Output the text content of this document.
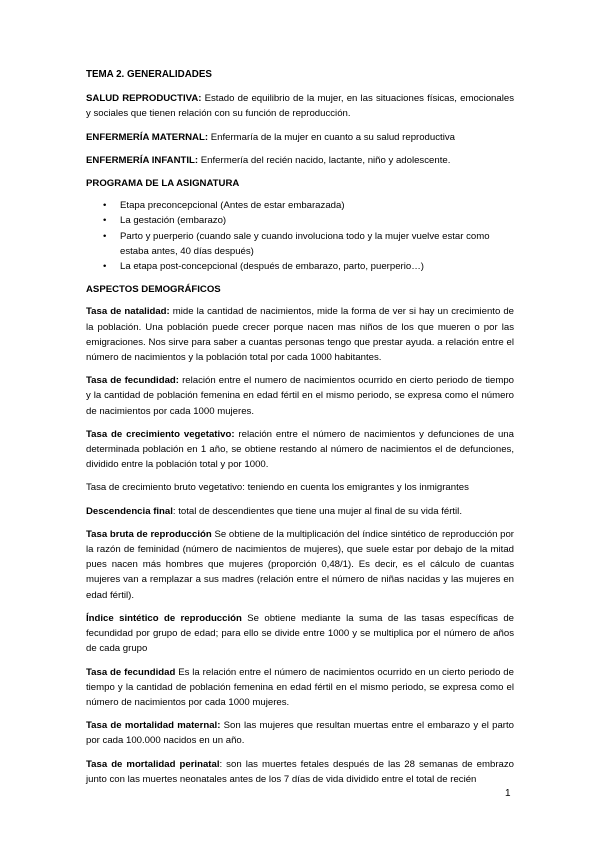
TEMA 2. GENERALIDADES

SALUD REPRODUCTIVA: Estado de equilibrio de la mujer, en las situaciones físicas, emocionales y sociales que tienen relación con su función de reproducción.

ENFERMERÍA MATERNAL: Enfermaría de la mujer en cuanto a su salud reproductiva

ENFERMERÍA INFANTIL: Enfermería del recién nacido, lactante, niño y adolescente.

PROGRAMA DE LA ASIGNATURA
• Etapa preconcepcional (Antes de estar embarazada)
• La gestación (embarazo)
• Parto y puerperio (cuando sale y cuando involuciona todo y la mujer vuelve estar como estaba antes, 40 días después)
• La etapa post-concepcional (después de embarazo, parto, puerperio…)
ASPECTOS DEMOGRÁFICOS

Tasa de natalidad: mide la cantidad de nacimientos, mide la forma de ver si hay un crecimiento de la población. Una población puede crecer porque nacen mas niños de los que mueren o por las emigraciones. Nos sirve para saber a cuantas personas tengo que prestar ayuda. a relación entre el número de nacimientos y la población total por cada 1000 habitantes.

Tasa de fecundidad: relación entre el numero de nacimientos ocurrido en cierto periodo de tiempo y la cantidad de población femenina en edad fértil en el mismo periodo, se expresa como el número de nacimientos por cada 1000 mujeres.

Tasa de crecimiento vegetativo: relación entre el número de nacimientos y defunciones de una determinada población en 1 año, se obtiene restando al número de nacimientos el de defunciones, dividido entre la población total y por 1000.

Tasa de crecimiento bruto vegetativo: teniendo en cuenta los emigrantes y los inmigrantes

Descendencia final: total de descendientes que tiene una mujer al final de su vida fértil.

Tasa bruta de reproducción Se obtiene de la multiplicación del índice sintético de reproducción por la razón de feminidad (número de nacimientos de mujeres), que suele estar por debajo de la mitad pues nacen más hombres que mujeres (proporción 0,48/1). Es decir, es el cálculo de cuantas mujeres van a remplazar a sus madres (relación entre el número de niñas nacidas y las mujeres en edad fértil).

Índice sintético de reproducción Se obtiene mediante la suma de las tasas específicas de fecundidad por grupo de edad; para ello se divide entre 1000 y se multiplica por el número de años de cada grupo

Tasa de fecundidad Es la relación entre el número de nacimientos ocurrido en un cierto periodo de tiempo y la cantidad de población femenina en edad fértil en el mismo periodo, se expresa como el número de nacimientos por cada 1000 mujeres.

Tasa de mortalidad maternal: Son las mujeres que resultan muertas entre el embarazo y el parto por cada 100.000 nacidos en un año.

Tasa de mortalidad perinatal: son las muertes fetales después de las 28 semanas de embrazo junto con las muertes neonatales antes de los 7 días de vida dividido entre el total de recién

1
